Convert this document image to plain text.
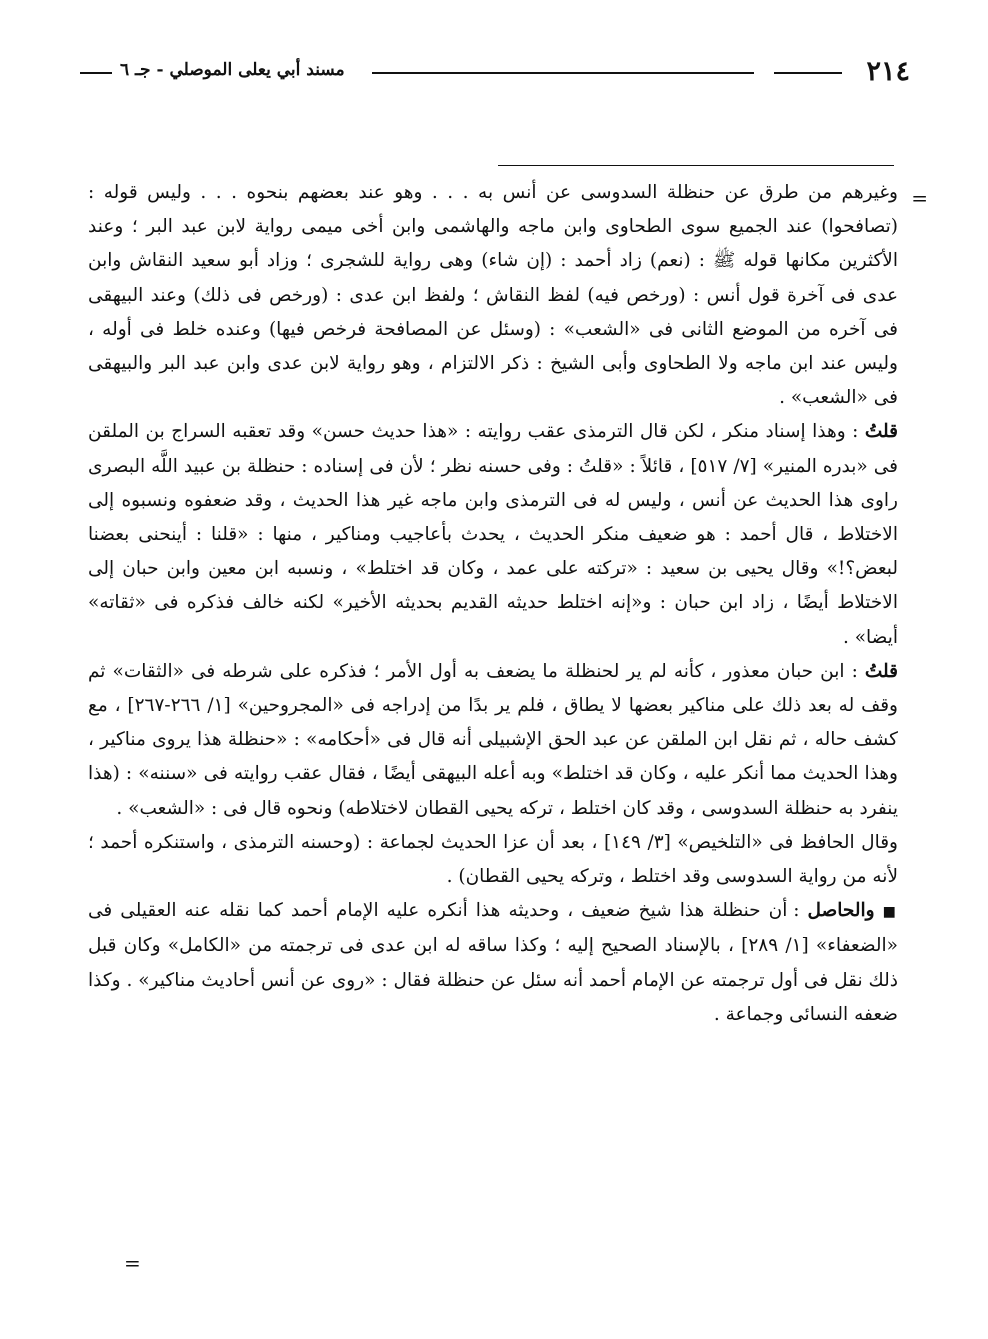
٢١٤
مسند أبي يعلى الموصلي - جـ ٦
=

وغيرهم من طرق عن حنظلة السدوسى عن أنس به . . . وهو عند بعضهم بنحوه . . . وليس قوله : (تصافحوا) عند الجميع سوى الطحاوى وابن ماجه والهاشمى وابن أخى ميمى رواية لابن عبد البر ؛ وعند الأكثرين مكانها قوله ﷺ : (نعم) زاد أحمد : (إن شاء) وهى رواية للشجرى ؛ وزاد أبو سعيد النقاش وابن عدى فى آخرة قول أنس : (ورخص فيه) لفظ النقاش ؛ ولفظ ابن عدى : (ورخص فى ذلك) وعند البيهقى فى آخره من الموضع الثانى فى «الشعب» : (وسئل عن المصافحة فرخص فيها) وعنده خلط فى أوله ، وليس عند ابن ماجه ولا الطحاوى وأبى الشيخ : ذكر الالتزام ، وهو رواية لابن عدى وابن عبد البر والبيهقى فى «الشعب» .

قلتُ : وهذا إسناد منكر ، لكن قال الترمذى عقب روايته : «هذا حديث حسن» وقد تعقبه السراج بن الملقن فى «بدره المنير» [٧/ ٥١٧] ، قائلاً : «قلتُ : وفى حسنه نظر ؛ لأن فى إسناده : حنظلة بن عبيد اللَّه البصرى راوى هذا الحديث عن أنس ، وليس له فى الترمذى وابن ماجه غير هذا الحديث ، وقد ضعفوه ونسبوه إلى الاختلاط ، قال أحمد : هو ضعيف منكر الحديث ، يحدث بأعاجيب ومناكير ، منها : «قلنا : أينحنى بعضنا لبعض؟!» وقال يحيى بن سعيد : «تركته على عمد ، وكان قد اختلط» ، ونسبه ابن معين وابن حبان إلى الاختلاط أيضًا ، زاد ابن حبان : و«إنه اختلط حديثه القديم بحديثه الأخير» لكنه خالف فذكره فى «ثقاته» أيضا» .

قلتُ : ابن حبان معذور ، كأنه لم ير لحنظلة ما يضعف به أول الأمر ؛ فذكره على شرطه فى «الثقات» ثم وقف له بعد ذلك على مناكير بعضها لا يطاق ، فلم ير بدًا من إدراجه فى «المجروحين» [١/ ٢٦٦-٢٦٧] ، مع كشف حاله ، ثم نقل ابن الملقن عن عبد الحق الإشبيلى أنه قال فى «أحكامه» : «حنظلة هذا يروى مناكير ، وهذا الحديث مما أنكر عليه ، وكان قد اختلط» وبه أعله البيهقى أيضًا ، فقال عقب روايته فى «سننه» : (هذا ينفرد به حنظلة السدوسى ، وقد كان اختلط ، تركه يحيى القطان لاختلاطه) ونحوه قال فى : «الشعب» .

وقال الحافظ فى «التلخيص» [٣/ ١٤٩] ، بعد أن عزا الحديث لجماعة : (وحسنه الترمذى ، واستنكره أحمد ؛ لأنه من رواية السدوسى وقد اختلط ، وتركه يحيى القطان) .

■ والحاصل : أن حنظلة هذا شيخ ضعيف ، وحديثه هذا أنكره عليه الإمام أحمد كما نقله عنه العقيلى فى «الضعفاء» [١/ ٢٨٩] ، بالإسناد الصحيح إليه ؛ وكذا ساقه له ابن عدى فى ترجمته من «الكامل» وكان قبل ذلك نقل فى أول ترجمته عن الإمام أحمد أنه سئل عن حنظلة فقال : «روى عن أنس أحاديث مناكير» . وكذا ضعفه النسائى وجماعة .

=
